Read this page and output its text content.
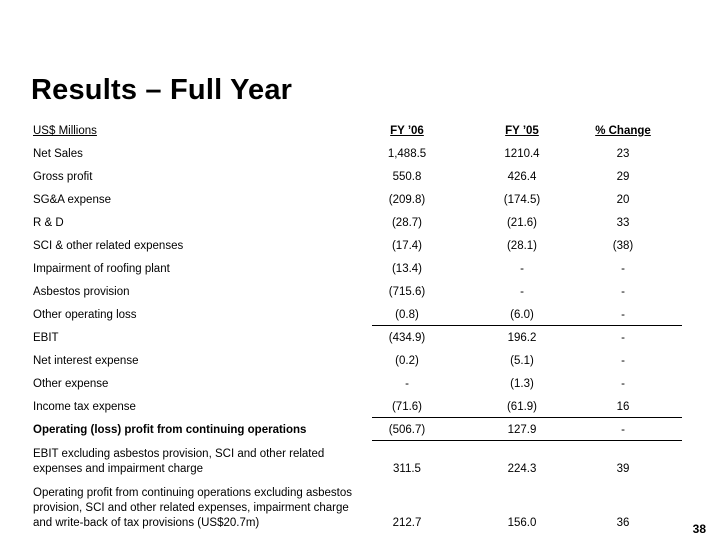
Results – Full Year
US$ Millions	FY ’06	FY ’05	% Change
Net Sales	1,488.5	1210.4	23
Gross profit	550.8	426.4	29
SG&A expense	(209.8)	(174.5)	20
R & D	(28.7)	(21.6)	33
SCI & other related expenses	(17.4)	(28.1)	(38)
Impairment of roofing plant	(13.4)	-	-
Asbestos provision	(715.6)	-	-
Other operating loss	(0.8)	(6.0)	-
EBIT	(434.9)	196.2	-
Net interest expense	(0.2)	(5.1)	-
Other expense	-	(1.3)	-
Income tax expense	(71.6)	(61.9)	16
Operating (loss) profit from continuing operations	(506.7)	127.9	-
EBIT excluding asbestos provision, SCI and other related
expenses and impairment charge	311.5	224.3	39
Operating profit from continuing operations excluding asbestos
provision, SCI and other related expenses, impairment charge
and write-back of tax provisions (US$20.7m)	212.7	156.0	36	38
